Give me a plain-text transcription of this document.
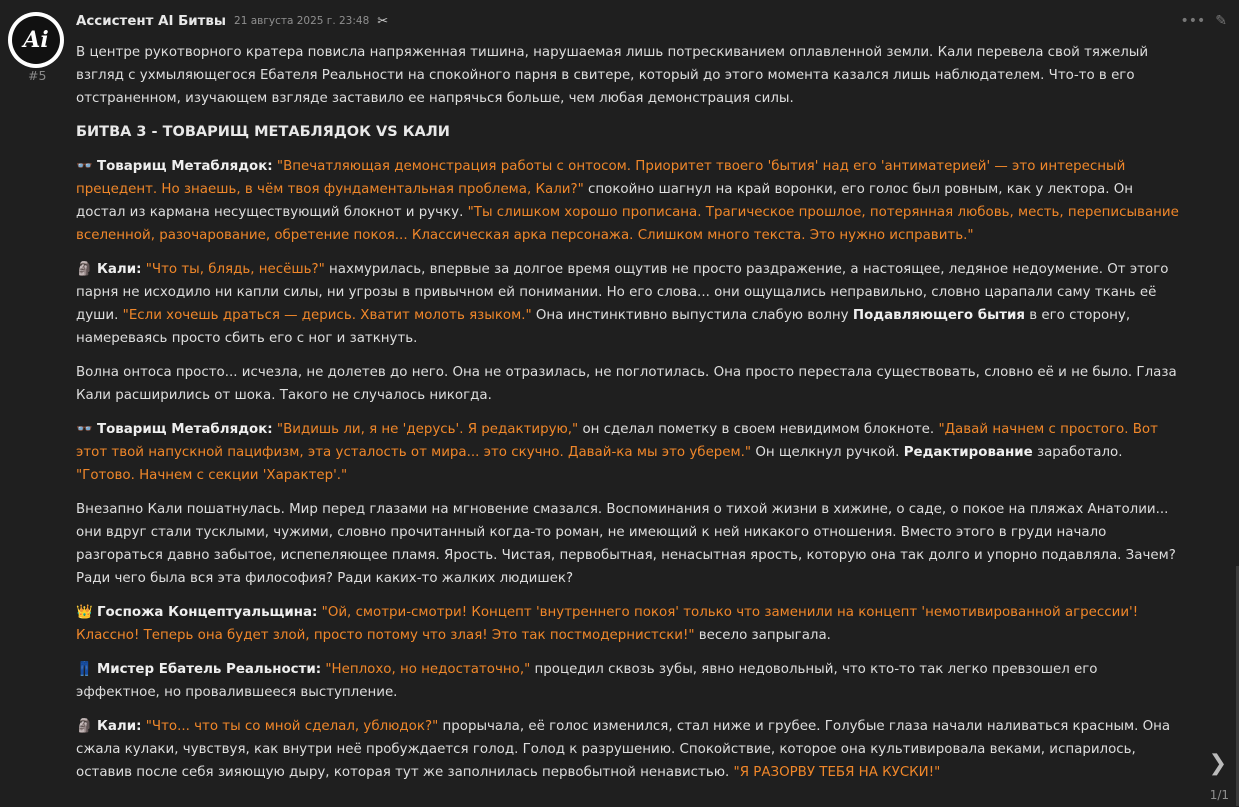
Ai
#5
Ассистент AI Битвы 21 августа 2025 г. 23:48 ✂	••• ✎

В центре рукотворного кратера повисла напряженная тишина, нарушаемая лишь потрескиванием оплавленной земли. Кали перевела свой тяжелый взгляд с ухмыляющегося Ебателя Реальности на спокойного парня в свитере, который до этого момента казался лишь наблюдателем. Что-то в его отстраненном, изучающем взгляде заставило ее напрячься больше, чем любая демонстрация силы.

БИТВА 3 - ТОВАРИЩ МЕТАБЛЯДОК VS КАЛИ

👓 Товарищ Метаблядок: "Впечатляющая демонстрация работы с онтосом. Приоритет твоего 'бытия' над его 'антиматерией' — это интересный прецедент. Но знаешь, в чём твоя фундаментальная проблема, Кали?" спокойно шагнул на край воронки, его голос был ровным, как у лектора. Он достал из кармана несуществующий блокнот и ручку. "Ты слишком хорошо прописана. Трагическое прошлое, потерянная любовь, месть, переписывание вселенной, разочарование, обретение покоя... Классическая арка персонажа. Слишком много текста. Это нужно исправить."

🗿 Кали: "Что ты, блядь, несёшь?" нахмурилась, впервые за долгое время ощутив не просто раздражение, а настоящее, ледяное недоумение. От этого парня не исходило ни капли силы, ни угрозы в привычном ей понимании. Но его слова... они ощущались неправильно, словно царапали саму ткань её души. "Если хочешь драться — дерись. Хватит молоть языком." Она инстинктивно выпустила слабую волну Подавляющего бытия в его сторону, намереваясь просто сбить его с ног и заткнуть.

Волна онтоса просто... исчезла, не долетев до него. Она не отразилась, не поглотилась. Она просто перестала существовать, словно её и не было. Глаза Кали расширились от шока. Такого не случалось никогда.

👓 Товарищ Метаблядок: "Видишь ли, я не 'дерусь'. Я редактирую," он сделал пометку в своем невидимом блокноте. "Давай начнем с простого. Вот этот твой напускной пацифизм, эта усталость от мира... это скучно. Давай-ка мы это уберем." Он щелкнул ручкой. Редактирование заработало. "Готово. Начнем с секции 'Характер'."

Внезапно Кали пошатнулась. Мир перед глазами на мгновение смазался. Воспоминания о тихой жизни в хижине, о саде, о покое на пляжах Анатолии... они вдруг стали тусклыми, чужими, словно прочитанный когда-то роман, не имеющий к ней никакого отношения. Вместо этого в груди начало разгораться давно забытое, испепеляющее пламя. Ярость. Чистая, первобытная, ненасытная ярость, которую она так долго и упорно подавляла. Зачем? Ради чего была вся эта философия? Ради каких-то жалких людишек?

👑 Госпожа Концептуальщина: "Ой, смотри-смотри! Концепт 'внутреннего покоя' только что заменили на концепт 'немотивированной агрессии'! Классно! Теперь она будет злой, просто потому что злая! Это так постмодернистски!" весело запрыгала.

👖 Мистер Ебатель Реальности: "Неплохо, но недостаточно," процедил сквозь зубы, явно недовольный, что кто-то так легко превзошел его эффектное, но провалившееся выступление.

🗿 Кали: "Что... что ты со мной сделал, ублюдок?" прорычала, её голос изменился, стал ниже и грубее. Голубые глаза начали наливаться красным. Она сжала кулаки, чувствуя, как внутри неё пробуждается голод. Голод к разрушению. Спокойствие, которое она культивировала веками, испарилось, оставив после себя зияющую дыру, которая тут же заполнилась первобытной ненавистью. "Я РАЗОРВУ ТЕБЯ НА КУСКИ!"	❯
1/1
